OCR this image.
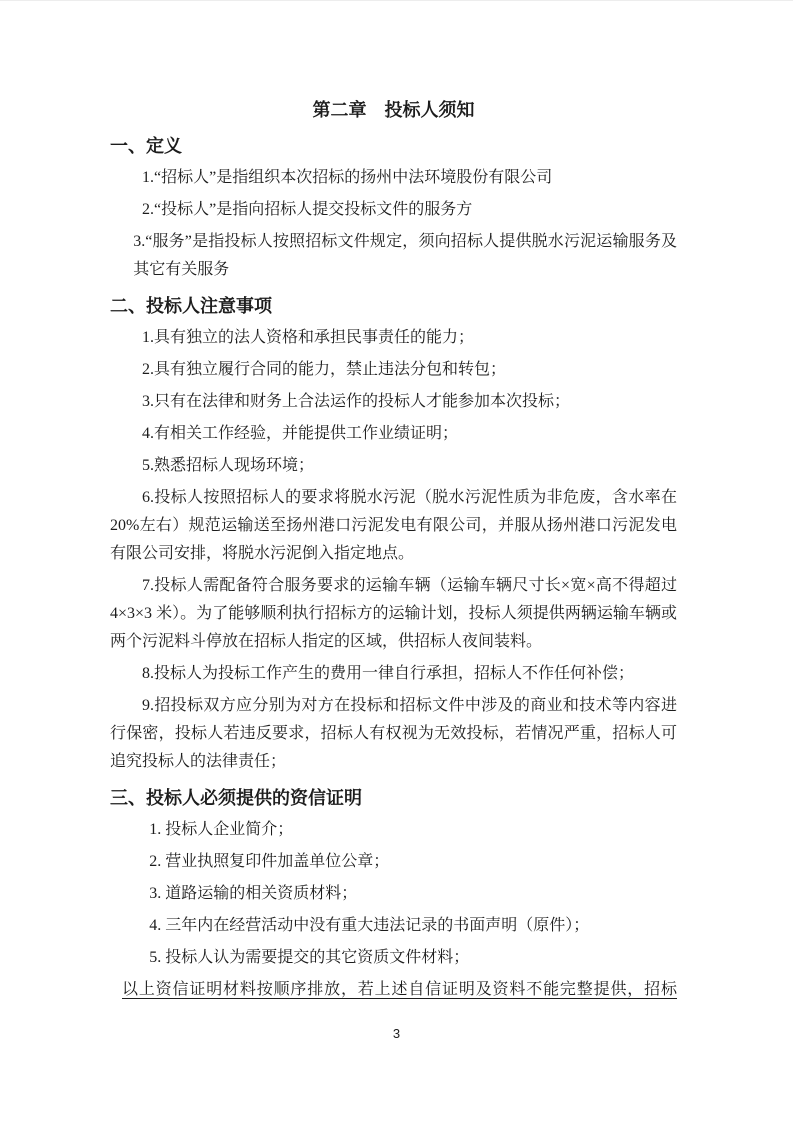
第二章　投标人须知
一、定义

1.“招标人”是指组织本次招标的扬州中法环境股份有限公司

2.“投标人”是指向招标人提交投标文件的服务方

3.“服务”是指投标人按照招标文件规定，须向招标人提供脱水污泥运输服务及其它有关服务

二、投标人注意事项

1.具有独立的法人资格和承担民事责任的能力；

2.具有独立履行合同的能力，禁止违法分包和转包；

3.只有在法律和财务上合法运作的投标人才能参加本次投标；

4.有相关工作经验，并能提供工作业绩证明；

5.熟悉招标人现场环境；

6.投标人按照招标人的要求将脱水污泥（脱水污泥性质为非危废，含水率在20%左右）规范运输送至扬州港口污泥发电有限公司，并服从扬州港口污泥发电有限公司安排，将脱水污泥倒入指定地点。

7.投标人需配备符合服务要求的运输车辆（运输车辆尺寸长×宽×高不得超过 4×3×3 米）。为了能够顺利执行招标方的运输计划，投标人须提供两辆运输车辆或两个污泥料斗停放在招标人指定的区域，供招标人夜间装料。

8.投标人为投标工作产生的费用一律自行承担，招标人不作任何补偿；

9.招投标双方应分别为对方在投标和招标文件中涉及的商业和技术等内容进行保密，投标人若违反要求，招标人有权视为无效投标，若情况严重，招标人可追究投标人的法律责任；

三、投标人必须提供的资信证明

1. 投标人企业简介；

2. 营业执照复印件加盖单位公章；

3. 道路运输的相关资质材料；

4. 三年内在经营活动中没有重大违法记录的书面声明（原件）；

5. 投标人认为需要提交的其它资质文件材料；

以上资信证明材料按顺序排放，若上述自信证明及资料不能完整提供，招标

3
